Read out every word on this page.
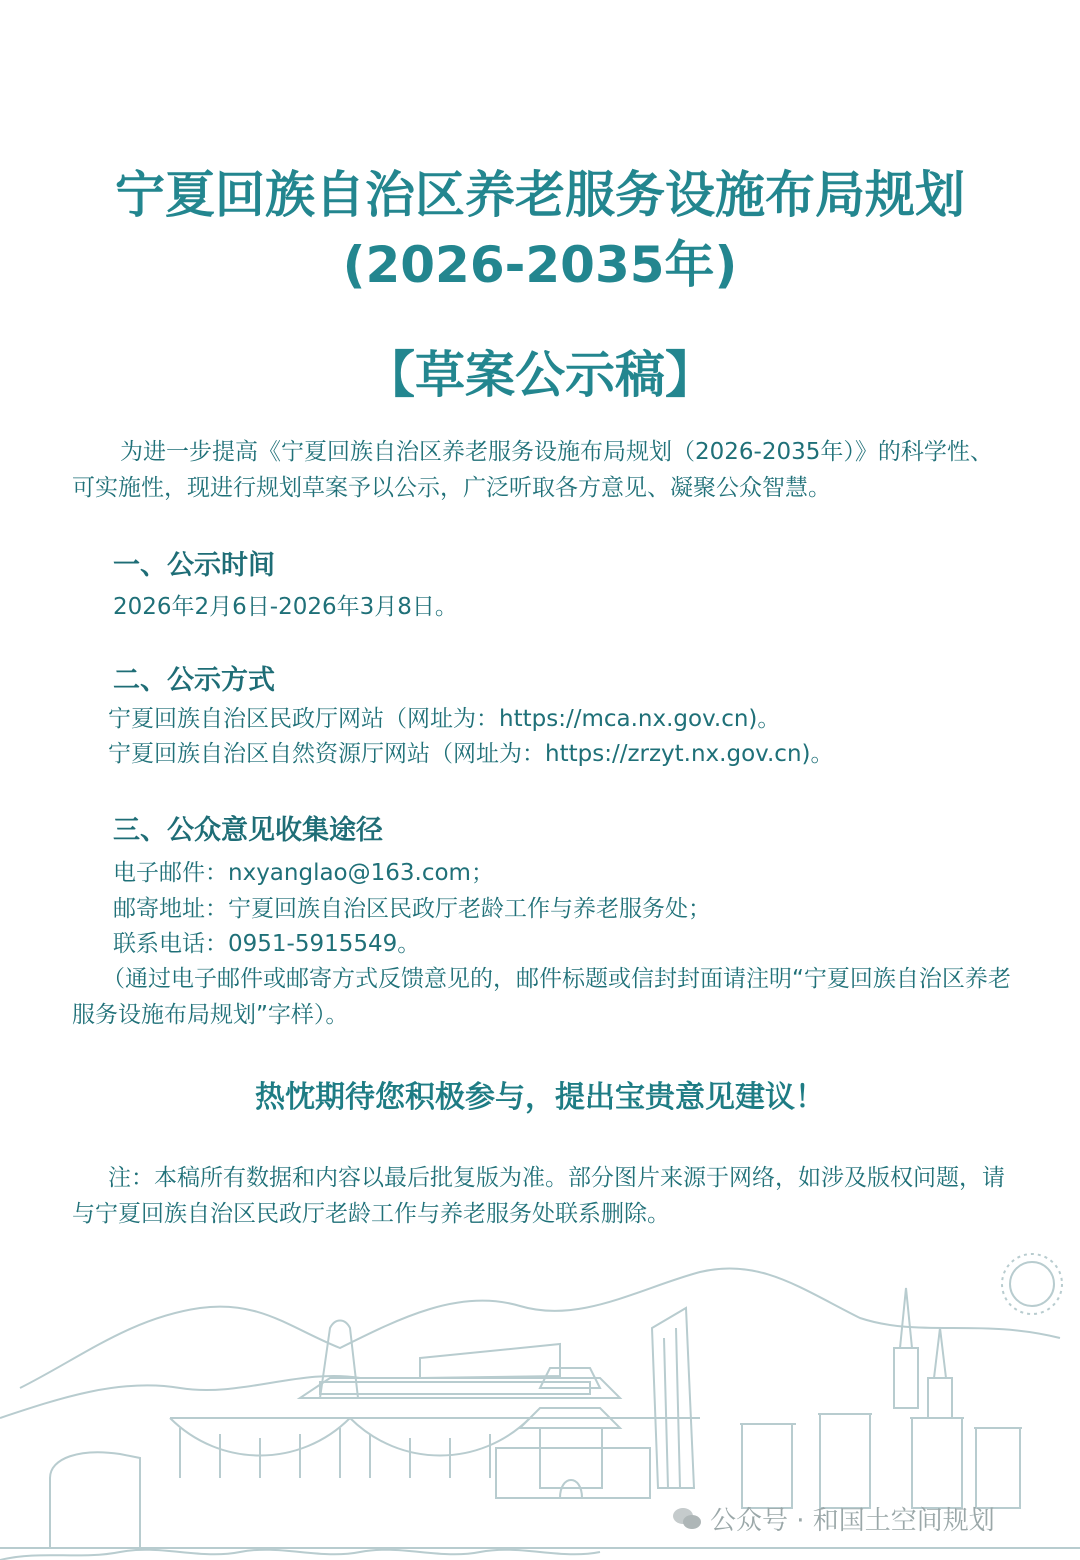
宁夏回族自治区养老服务设施布局规划
(2026-2035年)
【草案公示稿】

为进一步提高《宁夏回族自治区养老服务设施布局规划（2026-2035年）》的科学性、可实施性，现进行规划草案予以公示，广泛听取各方意见、凝聚公众智慧。

一、公示时间

2026年2月6日-2026年3月8日。

二、公示方式

宁夏回族自治区民政厅网站（网址为：https://mca.nx.gov.cn)。

宁夏回族自治区自然资源厅网站（网址为：https://zrzyt.nx.gov.cn)。

三、公众意见收集途径

电子邮件：nxyanglao@163.com；

邮寄地址：宁夏回族自治区民政厅老龄工作与养老服务处；

联系电话：0951-5915549。

（通过电子邮件或邮寄方式反馈意见的，邮件标题或信封封面请注明“宁夏回族自治区养老服务设施布局规划”字样）。

热忱期待您积极参与，提出宝贵意见建议！

注：本稿所有数据和内容以最后批复版为准。部分图片来源于网络，如涉及版权问题，请与宁夏回族自治区民政厅老龄工作与养老服务处联系删除。

公众号 · 和国土空间规划
